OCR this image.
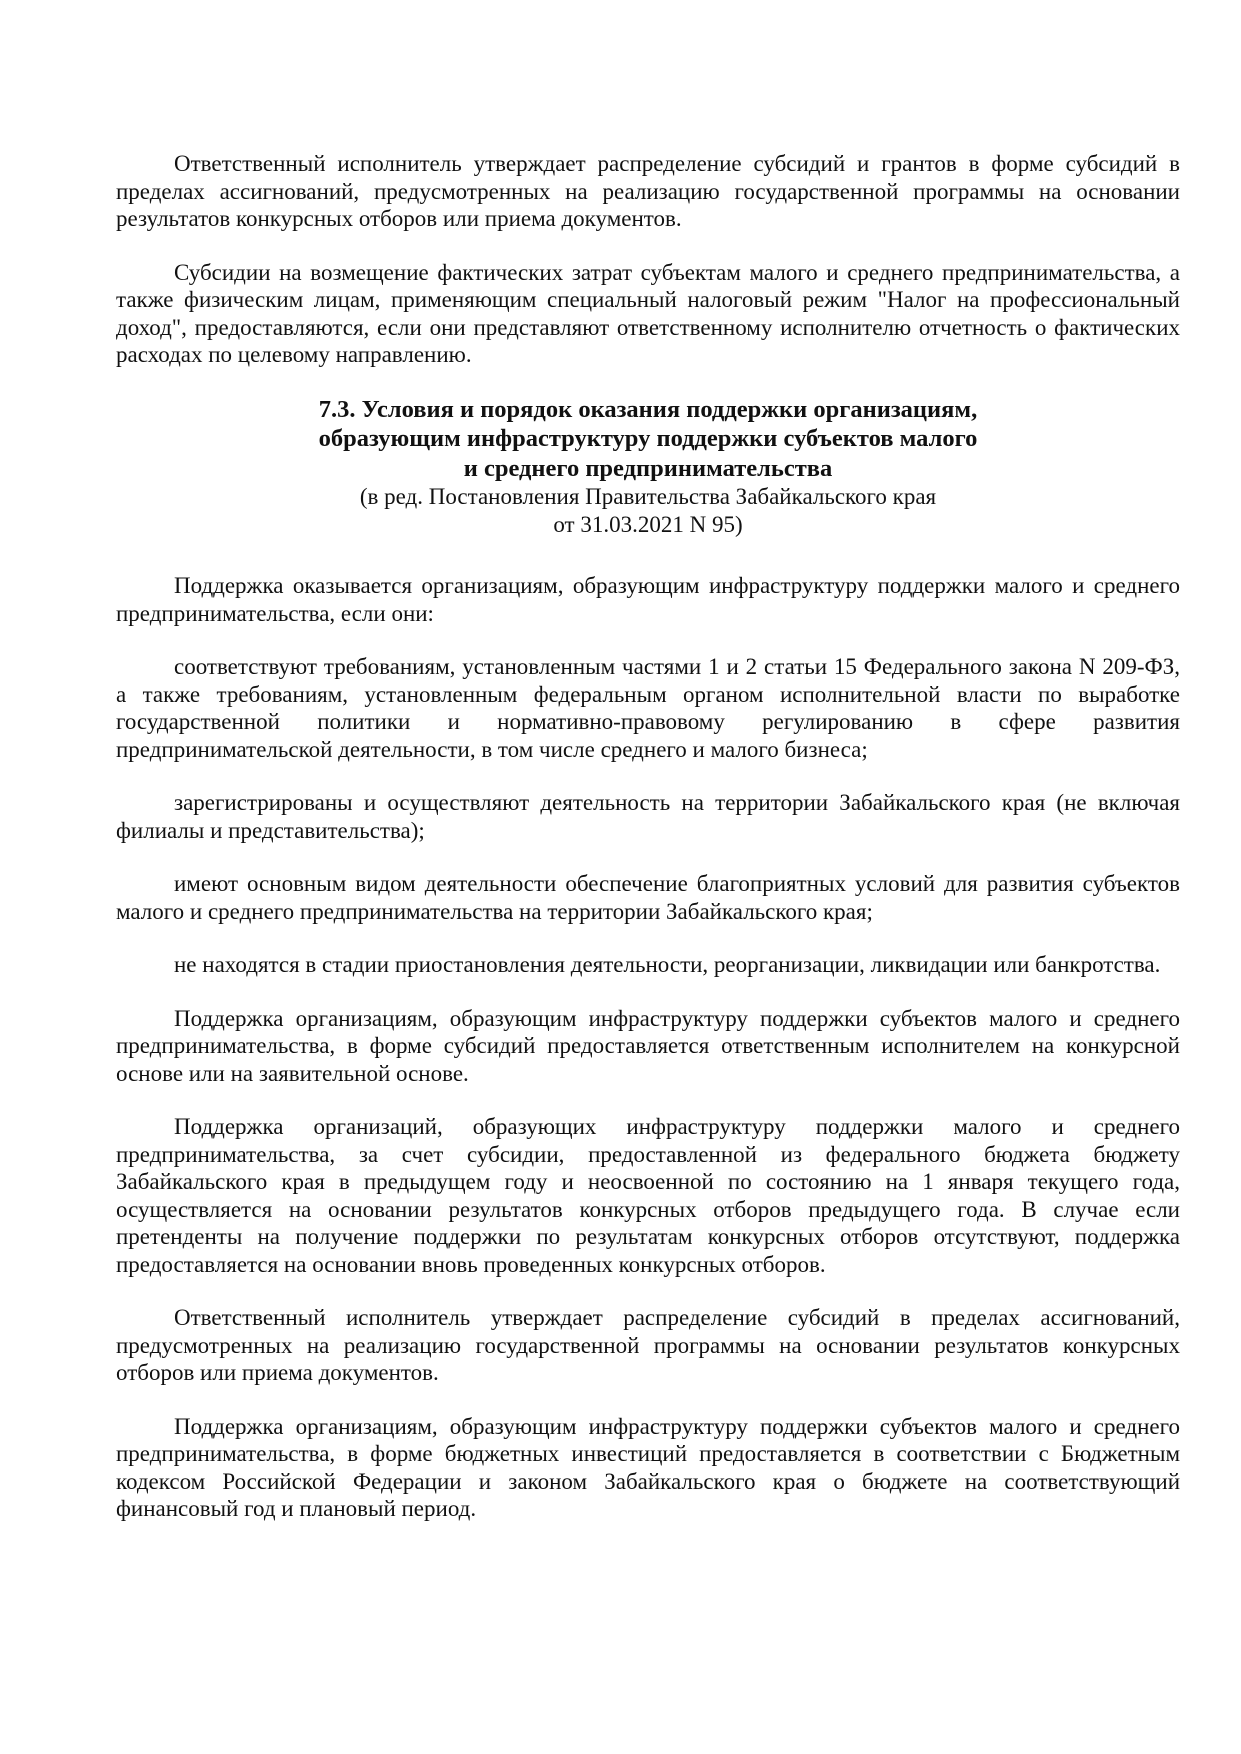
Ответственный исполнитель утверждает распределение субсидий и грантов в форме субсидий в пределах ассигнований, предусмотренных на реализацию государственной программы на основании результатов конкурсных отборов или приема документов.

Субсидии на возмещение фактических затрат субъектам малого и среднего предпринимательства, а также физическим лицам, применяющим специальный налоговый режим "Налог на профессиональный доход", предоставляются, если они представляют ответственному исполнителю отчетность о фактических расходах по целевому направлению.

7.3. Условия и порядок оказания поддержки организациям,

образующим инфраструктуру поддержки субъектов малого

и среднего предпринимательства

(в ред. Постановления Правительства Забайкальского края

от 31.03.2021 N 95)

Поддержка оказывается организациям, образующим инфраструктуру поддержки малого и среднего предпринимательства, если они:

соответствуют требованиям, установленным частями 1 и 2 статьи 15 Федерального закона N 209-ФЗ, а также требованиям, установленным федеральным органом исполнительной власти по выработке государственной политики и нормативно-правовому регулированию в сфере развития предпринимательской деятельности, в том числе среднего и малого бизнеса;

зарегистрированы и осуществляют деятельность на территории Забайкальского края (не включая филиалы и представительства);

имеют основным видом деятельности обеспечение благоприятных условий для развития субъектов малого и среднего предпринимательства на территории Забайкальского края;

не находятся в стадии приостановления деятельности, реорганизации, ликвидации или банкротства.

Поддержка организациям, образующим инфраструктуру поддержки субъектов малого и среднего предпринимательства, в форме субсидий предоставляется ответственным исполнителем на конкурсной основе или на заявительной основе.

Поддержка организаций, образующих инфраструктуру поддержки малого и среднего предпринимательства, за счет субсидии, предоставленной из федерального бюджета бюджету Забайкальского края в предыдущем году и неосвоенной по состоянию на 1 января текущего года, осуществляется на основании результатов конкурсных отборов предыдущего года. В случае если претенденты на получение поддержки по результатам конкурсных отборов отсутствуют, поддержка предоставляется на основании вновь проведенных конкурсных отборов.

Ответственный исполнитель утверждает распределение субсидий в пределах ассигнований, предусмотренных на реализацию государственной программы на основании результатов конкурсных отборов или приема документов.

Поддержка организациям, образующим инфраструктуру поддержки субъектов малого и среднего предпринимательства, в форме бюджетных инвестиций предоставляется в соответствии с Бюджетным кодексом Российской Федерации и законом Забайкальского края о бюджете на соответствующий финансовый год и плановый период.
